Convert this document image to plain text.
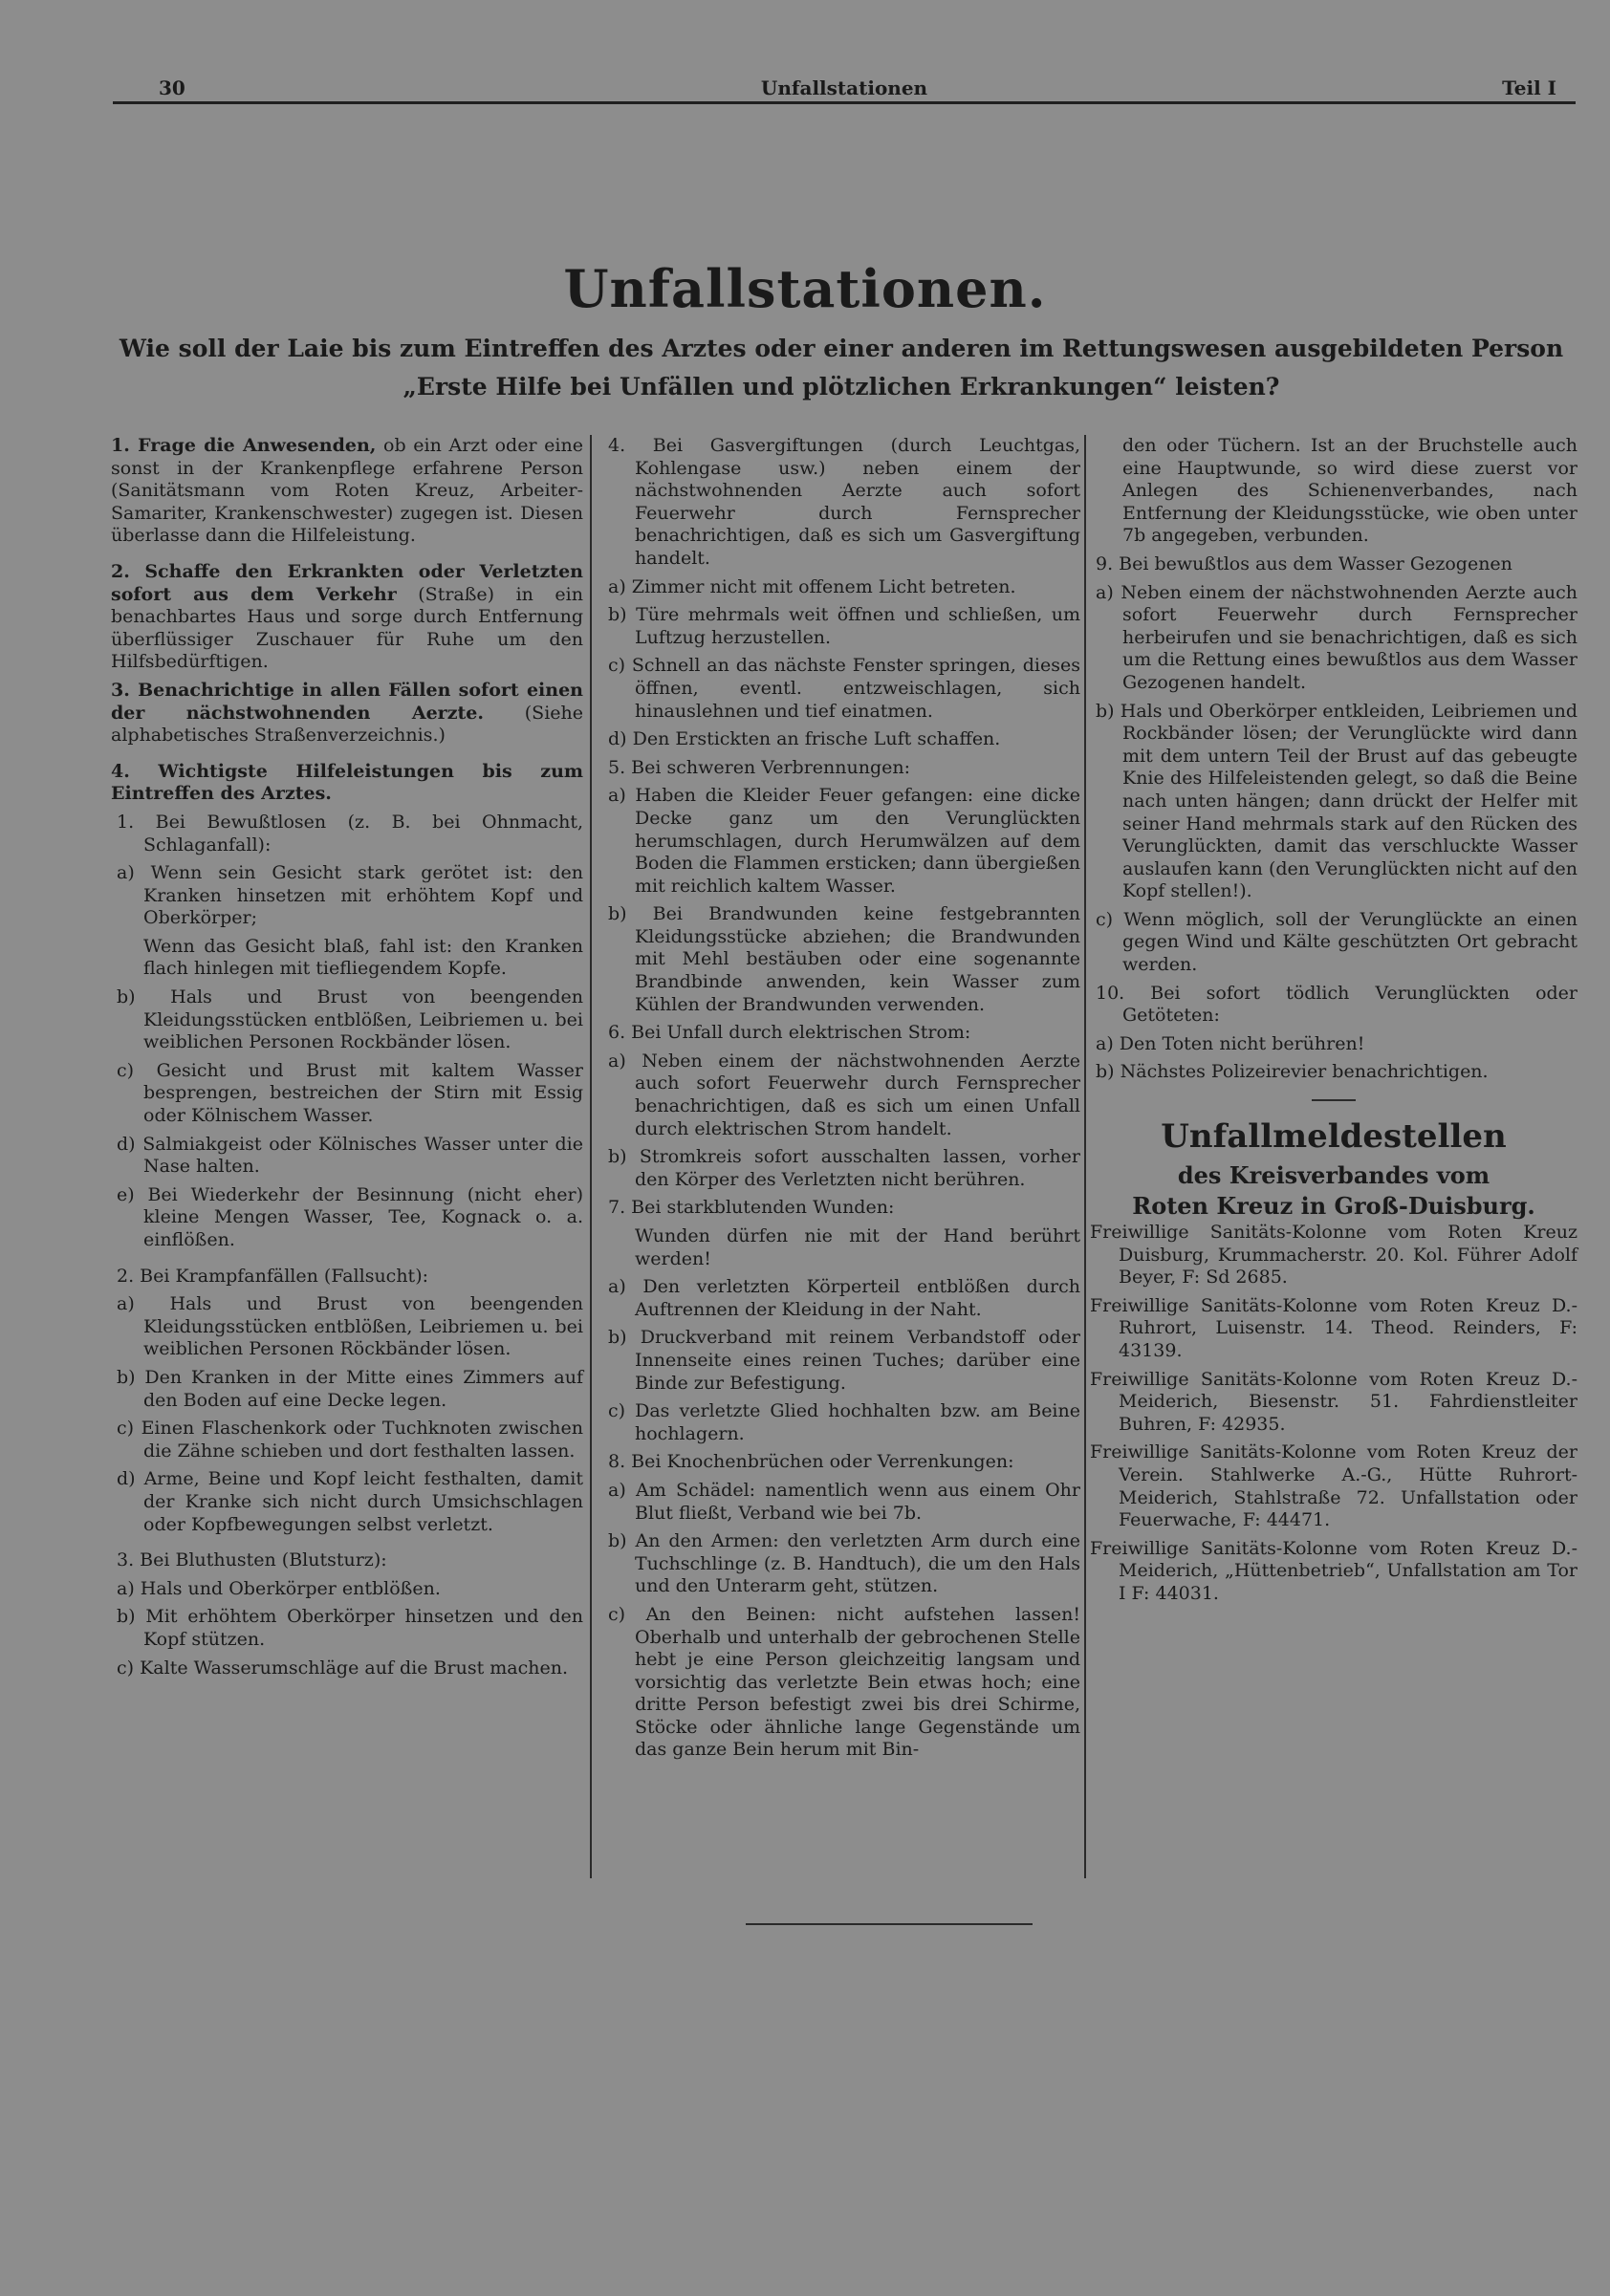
30	Unfallstationen	Teil I
Unfallstationen.
Wie soll der Laie bis zum Eintreffen des Arztes oder einer anderen im Rettungswesen ausgebildeten Person „Erste Hilfe bei Unfällen und plötzlichen Erkrankungen“ leisten?

1. Frage die Anwesenden, ob ein Arzt oder eine sonst in der Krankenpflege erfahrene Person (Sanitätsmann vom Roten Kreuz, Arbeiter-Samariter, Krankenschwester) zugegen ist. Diesen überlasse dann die Hilfeleistung.

2. Schaffe den Erkrankten oder Verletzten sofort aus dem Verkehr (Straße) in ein benachbartes Haus und sorge durch Entfernung überflüssiger Zuschauer für Ruhe um den Hilfsbedürftigen.

3. Benachrichtige in allen Fällen sofort einen der nächstwohnenden Aerzte. (Siehe alphabetisches Straßenverzeichnis.)

4. Wichtigste Hilfeleistungen bis zum Eintreffen des Arztes.

1. Bei Bewußtlosen (z. B. bei Ohnmacht, Schlaganfall):

a) Wenn sein Gesicht stark gerötet ist: den Kranken hinsetzen mit erhöhtem Kopf und Oberkörper;

Wenn das Gesicht blaß, fahl ist: den Kranken flach hinlegen mit tiefliegendem Kopfe.

b) Hals und Brust von beengenden Kleidungsstücken entblößen, Leibriemen u. bei weiblichen Personen Rockbänder lösen.

c) Gesicht und Brust mit kaltem Wasser besprengen, bestreichen der Stirn mit Essig oder Kölnischem Wasser.

d) Salmiakgeist oder Kölnisches Wasser unter die Nase halten.

e) Bei Wiederkehr der Besinnung (nicht eher) kleine Mengen Wasser, Tee, Kognack o. a. einflößen.

2. Bei Krampfanfällen (Fallsucht):

a) Hals und Brust von beengenden Kleidungsstücken entblößen, Leibriemen u. bei weiblichen Personen Röckbänder lösen.

b) Den Kranken in der Mitte eines Zimmers auf den Boden auf eine Decke legen.

c) Einen Flaschenkork oder Tuchknoten zwischen die Zähne schieben und dort festhalten lassen.

d) Arme, Beine und Kopf leicht festhalten, damit der Kranke sich nicht durch Umsichschlagen oder Kopfbewegungen selbst verletzt.

3. Bei Bluthusten (Blutsturz):

a) Hals und Oberkörper entblößen.

b) Mit erhöhtem Oberkörper hinsetzen und den Kopf stützen.

c) Kalte Wasserumschläge auf die Brust machen.

4. Bei Gasvergiftungen (durch Leuchtgas, Kohlengase usw.) neben einem der nächstwohnenden Aerzte auch sofort Feuerwehr durch Fernsprecher benachrichtigen, daß es sich um Gasvergiftung handelt.

a) Zimmer nicht mit offenem Licht betreten.

b) Türe mehrmals weit öffnen und schließen, um Luftzug herzustellen.

c) Schnell an das nächste Fenster springen, dieses öffnen, eventl. entzweischlagen, sich hinauslehnen und tief einatmen.

d) Den Erstickten an frische Luft schaffen.

5. Bei schweren Verbrennungen:

a) Haben die Kleider Feuer gefangen: eine dicke Decke ganz um den Verunglückten herumschlagen, durch Herumwälzen auf dem Boden die Flammen ersticken; dann übergießen mit reichlich kaltem Wasser.

b) Bei Brandwunden keine festgebrannten Kleidungsstücke abziehen; die Brandwunden mit Mehl bestäuben oder eine sogenannte Brandbinde anwenden, kein Wasser zum Kühlen der Brandwunden verwenden.

6. Bei Unfall durch elektrischen Strom:

a) Neben einem der nächstwohnenden Aerzte auch sofort Feuerwehr durch Fernsprecher benachrichtigen, daß es sich um einen Unfall durch elektrischen Strom handelt.

b) Stromkreis sofort ausschalten lassen, vorher den Körper des Verletzten nicht berühren.

7. Bei starkblutenden Wunden:

Wunden dürfen nie mit der Hand berührt werden!

a) Den verletzten Körperteil entblößen durch Auftrennen der Kleidung in der Naht.

b) Druckverband mit reinem Verbandstoff oder Innenseite eines reinen Tuches; darüber eine Binde zur Befestigung.

c) Das verletzte Glied hochhalten bzw. am Beine hochlagern.

8. Bei Knochenbrüchen oder Verrenkungen:

a) Am Schädel: namentlich wenn aus einem Ohr Blut fließt, Verband wie bei 7b.

b) An den Armen: den verletzten Arm durch eine Tuchschlinge (z. B. Handtuch), die um den Hals und den Unterarm geht, stützen.

c) An den Beinen: nicht aufstehen lassen! Oberhalb und unterhalb der gebrochenen Stelle hebt je eine Person gleichzeitig langsam und vorsichtig das verletzte Bein etwas hoch; eine dritte Person befestigt zwei bis drei Schirme, Stöcke oder ähnliche lange Gegenstände um das ganze Bein herum mit Bin-

den oder Tüchern. Ist an der Bruchstelle auch eine Hauptwunde, so wird diese zuerst vor Anlegen des Schienenverbandes, nach Entfernung der Kleidungsstücke, wie oben unter 7b angegeben, verbunden.

9. Bei bewußtlos aus dem Wasser Gezogenen

a) Neben einem der nächstwohnenden Aerzte auch sofort Feuerwehr durch Fernsprecher herbeirufen und sie benachrichtigen, daß es sich um die Rettung eines bewußtlos aus dem Wasser Gezogenen handelt.

b) Hals und Oberkörper entkleiden, Leibriemen und Rockbänder lösen; der Verunglückte wird dann mit dem untern Teil der Brust auf das gebeugte Knie des Hilfeleistenden gelegt, so daß die Beine nach unten hängen; dann drückt der Helfer mit seiner Hand mehrmals stark auf den Rücken des Verunglückten, damit das verschluckte Wasser auslaufen kann (den Verunglückten nicht auf den Kopf stellen!).

c) Wenn möglich, soll der Verunglückte an einen gegen Wind und Kälte geschützten Ort gebracht werden.

10. Bei sofort tödlich Verunglückten oder Getöteten:

a) Den Toten nicht berühren!

b) Nächstes Polizeirevier benachrichtigen.

Unfallmeldestellen
des Kreisverbandes vom
Roten Kreuz in Groß-Duisburg.

Freiwillige Sanitäts-Kolonne vom Roten Kreuz Duisburg, Krummacherstr. 20. Kol. Führer Adolf Beyer, F: Sd 2685.

Freiwillige Sanitäts-Kolonne vom Roten Kreuz D.-Ruhrort, Luisenstr. 14. Theod. Reinders, F: 43139.

Freiwillige Sanitäts-Kolonne vom Roten Kreuz D.-Meiderich, Biesenstr. 51. Fahrdienstleiter Buhren, F: 42935.

Freiwillige Sanitäts-Kolonne vom Roten Kreuz der Verein. Stahlwerke A.-G., Hütte Ruhrort-Meiderich, Stahlstraße 72. Unfallstation oder Feuerwache, F: 44471.

Freiwillige Sanitäts-Kolonne vom Roten Kreuz D.-Meiderich, „Hüttenbetrieb“, Unfallstation am Tor I F: 44031.
